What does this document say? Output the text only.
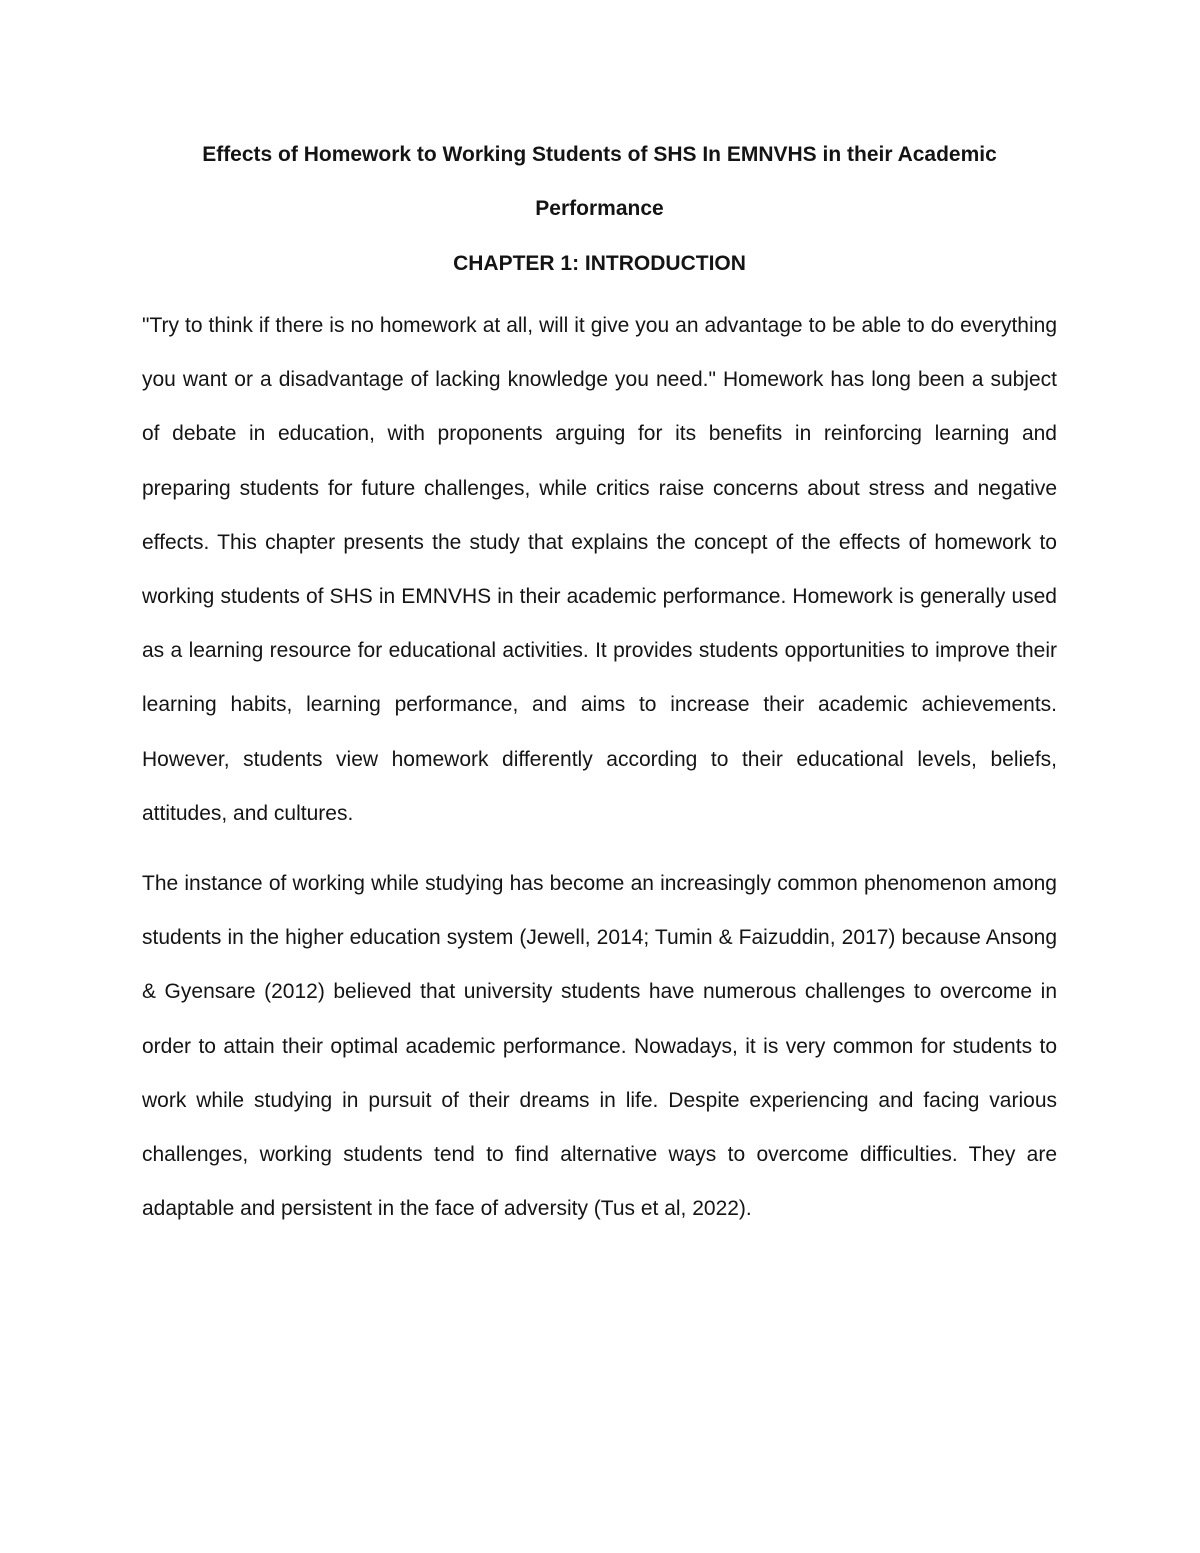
Effects of Homework to Working Students of SHS In EMNVHS in their Academic Performance
CHAPTER 1: INTRODUCTION

"Try to think if there is no homework at all, will it give you an advantage to be able to do everything you want or a disadvantage of lacking knowledge you need." Homework has long been a subject of debate in education, with proponents arguing for its benefits in reinforcing learning and preparing students for future challenges, while critics raise concerns about stress and negative effects. This chapter presents the study that explains the concept of the effects of homework to working students of SHS in EMNVHS in their academic performance. Homework is generally used as a learning resource for educational activities. It provides students opportunities to improve their learning habits, learning performance, and aims to increase their academic achievements. However, students view homework differently according to their educational levels, beliefs, attitudes, and cultures.

The instance of working while studying has become an increasingly common phenomenon among students in the higher education system (Jewell, 2014; Tumin & Faizuddin, 2017) because Ansong & Gyensare (2012) believed that university students have numerous challenges to overcome in order to attain their optimal academic performance. Nowadays, it is very common for students to work while studying in pursuit of their dreams in life. Despite experiencing and facing various challenges, working students tend to find alternative ways to overcome difficulties. They are adaptable and persistent in the face of adversity (Tus et al, 2022).
